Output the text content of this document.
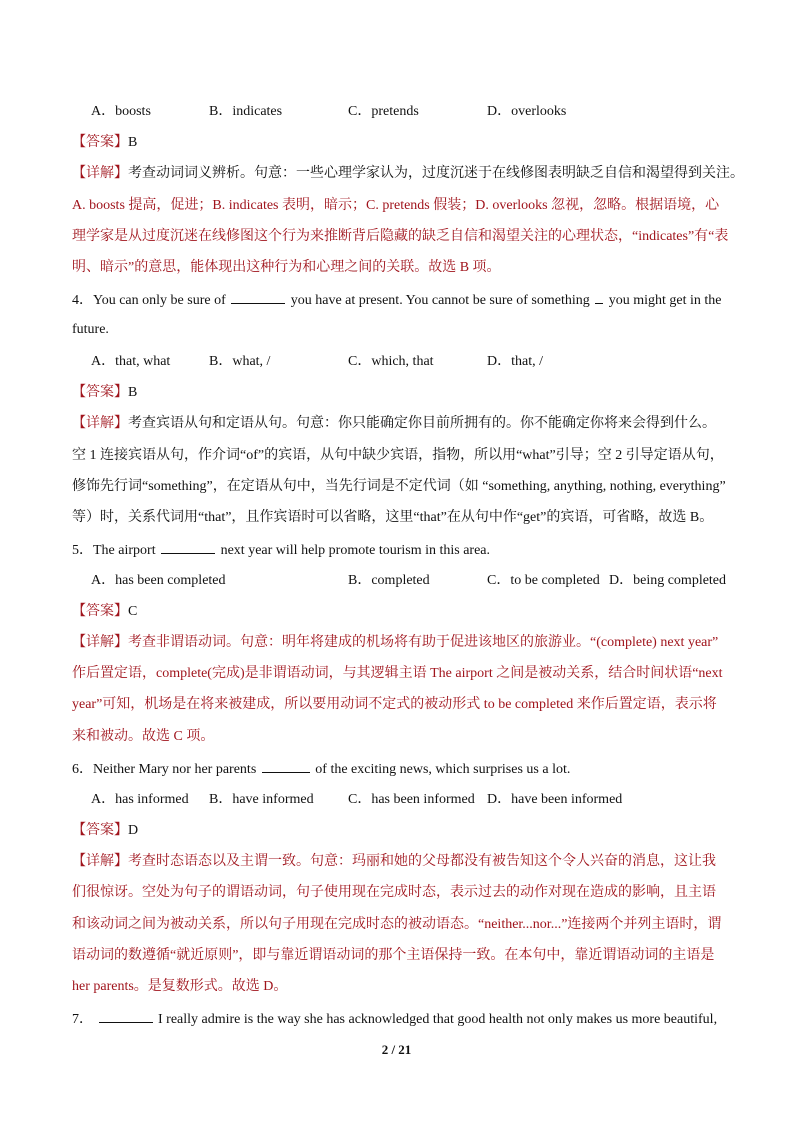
A．boosts	B．indicates	C．pretends	D．overlooks
【答案】B
【详解】考查动词词义辨析。句意：一些心理学家认为，过度沉迷于在线修图表明缺乏自信和渴望得到关注。
A. boosts 提高，促进；B. indicates 表明，暗示；C. pretends 假装；D. overlooks 忽视，忽略。根据语境，心
理学家是从过度沉迷在线修图这个行为来推断背后隐藏的缺乏自信和渴望关注的心理状态，“indicates”有“表
明、暗示”的意思，能体现出这种行为和心理之间的关联。故选 B 项。
4．You can only be sure of	you have at present. You cannot be sure of something you might get in the
future.
A．that, what	B．what, /	C．which, that	D．that, /
【答案】B
【详解】考查宾语从句和定语从句。句意：你只能确定你目前所拥有的。你不能确定你将来会得到什么。
空 1 连接宾语从句，作介词“of”的宾语，从句中缺少宾语，指物，所以用“what”引导；空 2 引导定语从句，
修饰先行词“something”，在定语从句中，当先行词是不定代词（如 “something, anything, nothing, everything”
等）时，关系代词用“that”，且作宾语时可以省略，这里“that”在从句中作“get”的宾语，可省略，故选 B。
5．The airport	next year will help promote tourism in this area.
A．has been completed	B．completed	C．to be completed D．being completed
【答案】C
【详解】考查非谓语动词。句意：明年将建成的机场将有助于促进该地区的旅游业。“(complete) next year”
作后置定语，complete(完成)是非谓语动词，与其逻辑主语 The airport 之间是被动关系，结合时间状语“next
year”可知，机场是在将来被建成，所以要用动词不定式的被动形式 to be completed 来作后置定语，表示将
来和被动。故选 C 项。
6．Neither Mary nor her parents	of the exciting news, which surprises us a lot.
A．has informed B．have informed C．has been informed D．have been informed
【答案】D
【详解】考查时态语态以及主谓一致。句意：玛丽和她的父母都没有被告知这个令人兴奋的消息，这让我
们很惊讶。空处为句子的谓语动词，句子使用现在完成时态，表示过去的动作对现在造成的影响，且主语
和该动词之间为被动关系，所以句子用现在完成时态的被动语态。“neither...nor...”连接两个并列主语时，谓
语动词的数遵循“就近原则”，即与靠近谓语动词的那个主语保持一致。在本句中，靠近谓语动词的主语是
her parents。是复数形式。故选 D。
7．	I really admire is the way she has acknowledged that good health not only makes us more beautiful,
2 / 21
